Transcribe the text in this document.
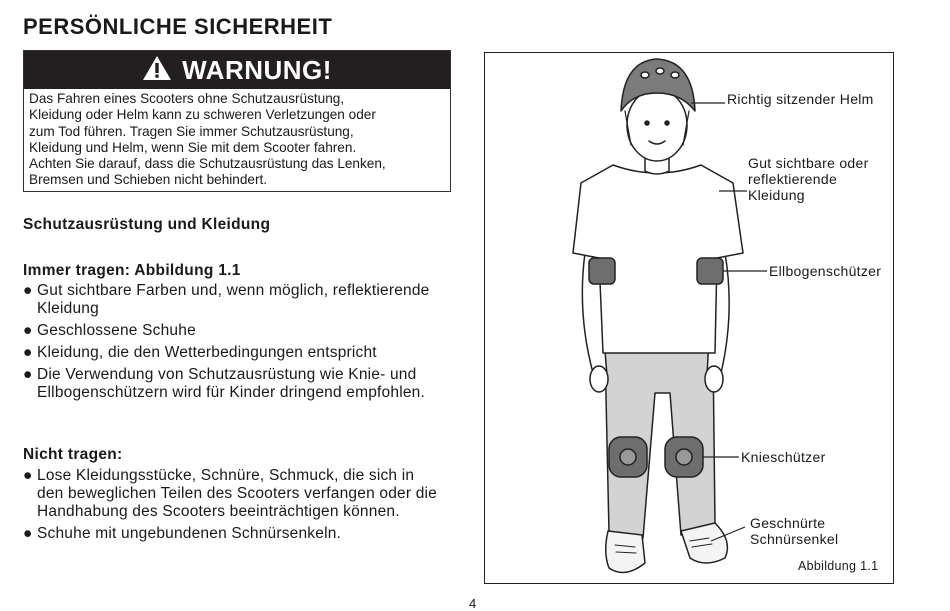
PERSÖNLICHE SICHERHEIT
WARNUNG!

Das Fahren eines Scooters ohne Schutzausrüstung,

Kleidung oder Helm kann zu schweren Verletzungen oder

zum Tod führen. Tragen Sie immer Schutzausrüstung,

Kleidung und Helm, wenn Sie mit dem Scooter fahren.

Achten Sie darauf, dass die Schutzausrüstung das Lenken,

Bremsen und Schieben nicht behindert.

Schutzausrüstung und Kleidung
Immer tragen: Abbildung 1.1
● Gut sichtbare Farben und, wenn möglich, reflektierende Kleidung
● Geschlossene Schuhe
● Kleidung, die den Wetterbedingungen entspricht
● Die Verwendung von Schutzausrüstung wie Knie- und Ellbogenschützern wird für Kinder dringend empfohlen.
Nicht tragen:
● Lose Kleidungsstücke, Schnüre, Schmuck, die sich in den beweglichen Teilen des Scooters verfangen oder die Handhabung des Scooters beeinträchtigen können.
● Schuhe mit ungebundenen Schnürsenkeln.
Richtig sitzender Helm
Gut sichtbare oder reflektierende Kleidung
Ellbogenschützer
Knieschützer
Geschnürte Schnürsenkel
Abbildung 1.1
4
